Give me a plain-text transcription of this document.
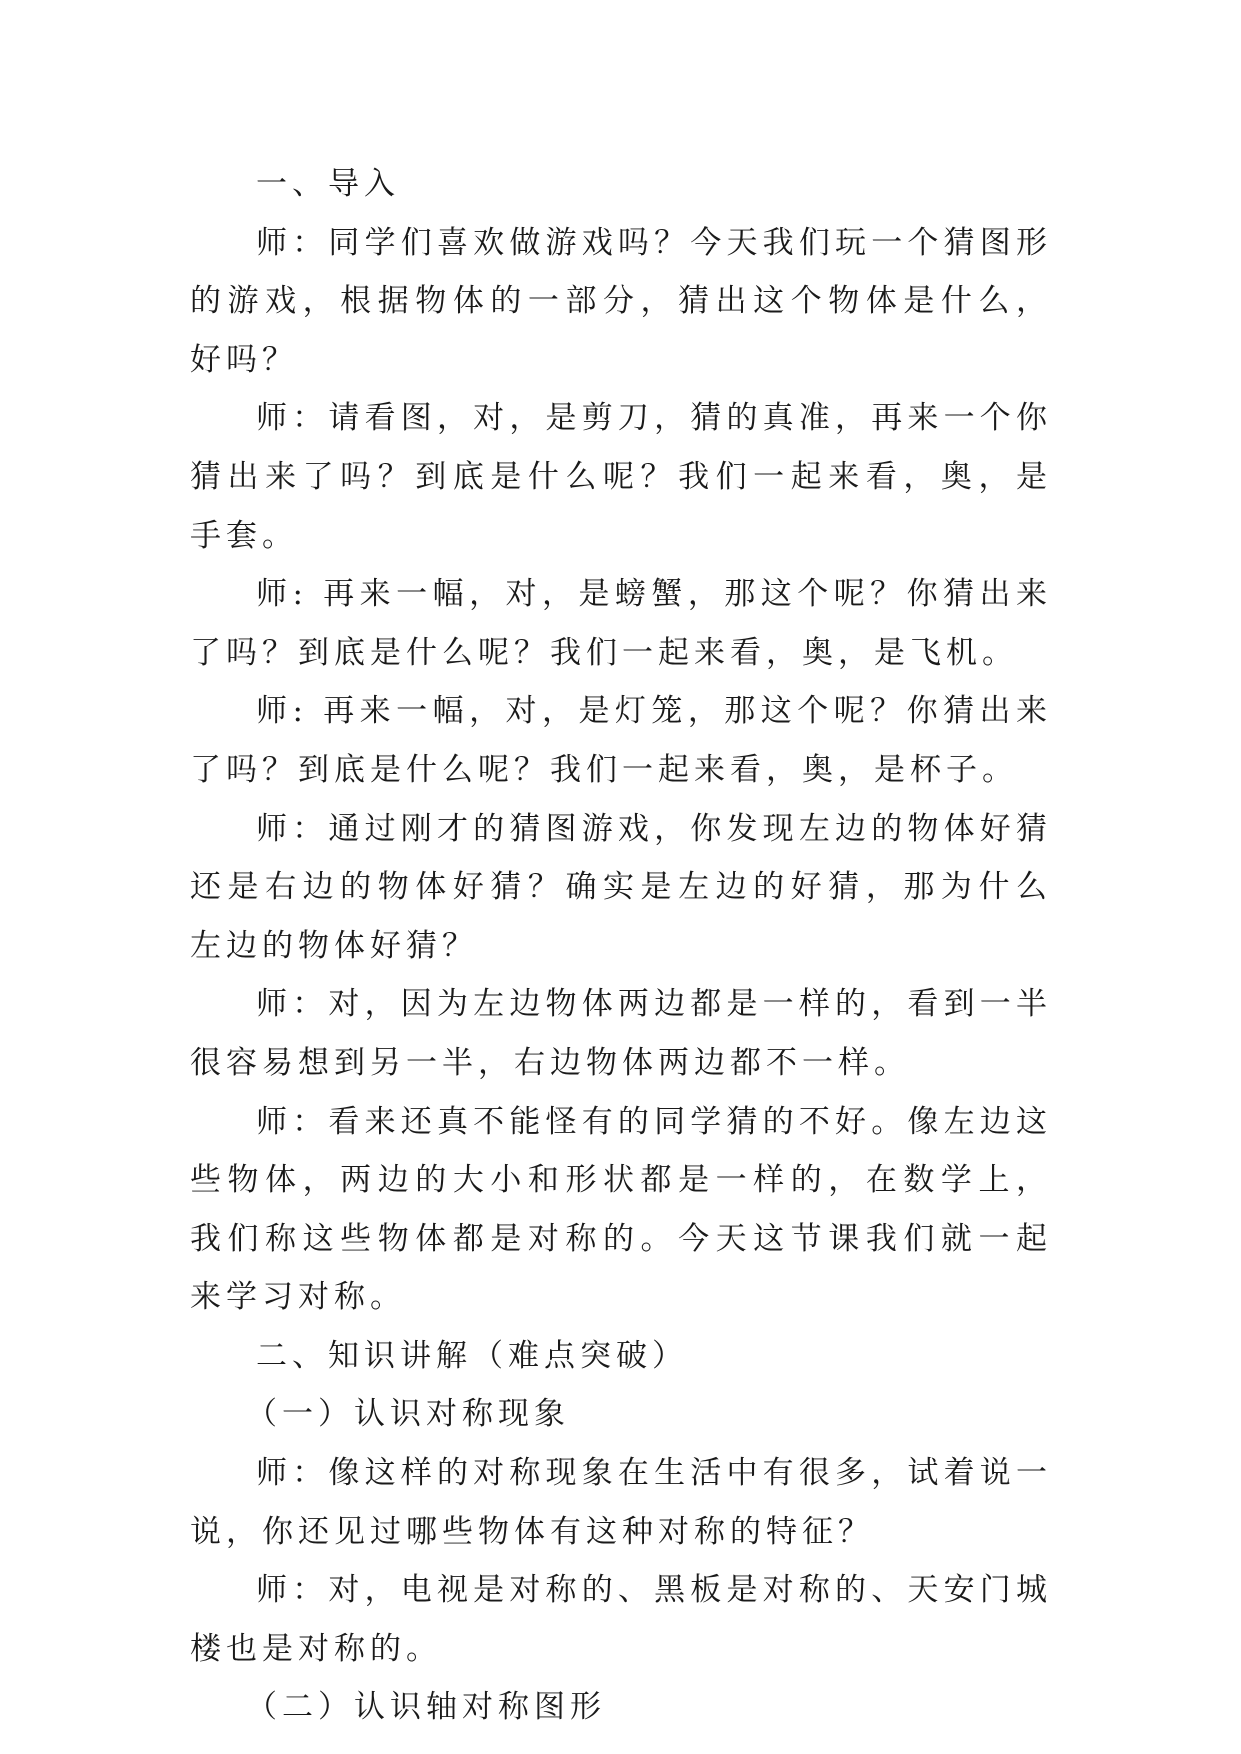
一、导入

师：同学们喜欢做游戏吗？今天我们玩一个猜图形的游戏，根据物体的一部分，猜出这个物体是什么，好吗？

师：请看图，对，是剪刀，猜的真准，再来一个你猜出来了吗？到底是什么呢？我们一起来看，奥，是手套。

师: 再来一幅，对，是螃蟹，那这个呢？你猜出来了吗？到底是什么呢？我们一起来看，奥，是飞机。

师: 再来一幅，对，是灯笼，那这个呢？你猜出来了吗？到底是什么呢？我们一起来看，奥，是杯子。

师：通过刚才的猜图游戏，你发现左边的物体好猜还是右边的物体好猜？确实是左边的好猜，那为什么左边的物体好猜？

师：对，因为左边物体两边都是一样的，看到一半很容易想到另一半，右边物体两边都不一样。

师：看来还真不能怪有的同学猜的不好。像左边这些物体，两边的大小和形状都是一样的，在数学上，我们称这些物体都是对称的。今天这节课我们就一起来学习对称。

二、知识讲解（难点突破）

（一）认识对称现象

师：像这样的对称现象在生活中有很多，试着说一说，你还见过哪些物体有这种对称的特征？

师：对，电视是对称的、黑板是对称的、天安门城楼也是对称的。

（二）认识轴对称图形
